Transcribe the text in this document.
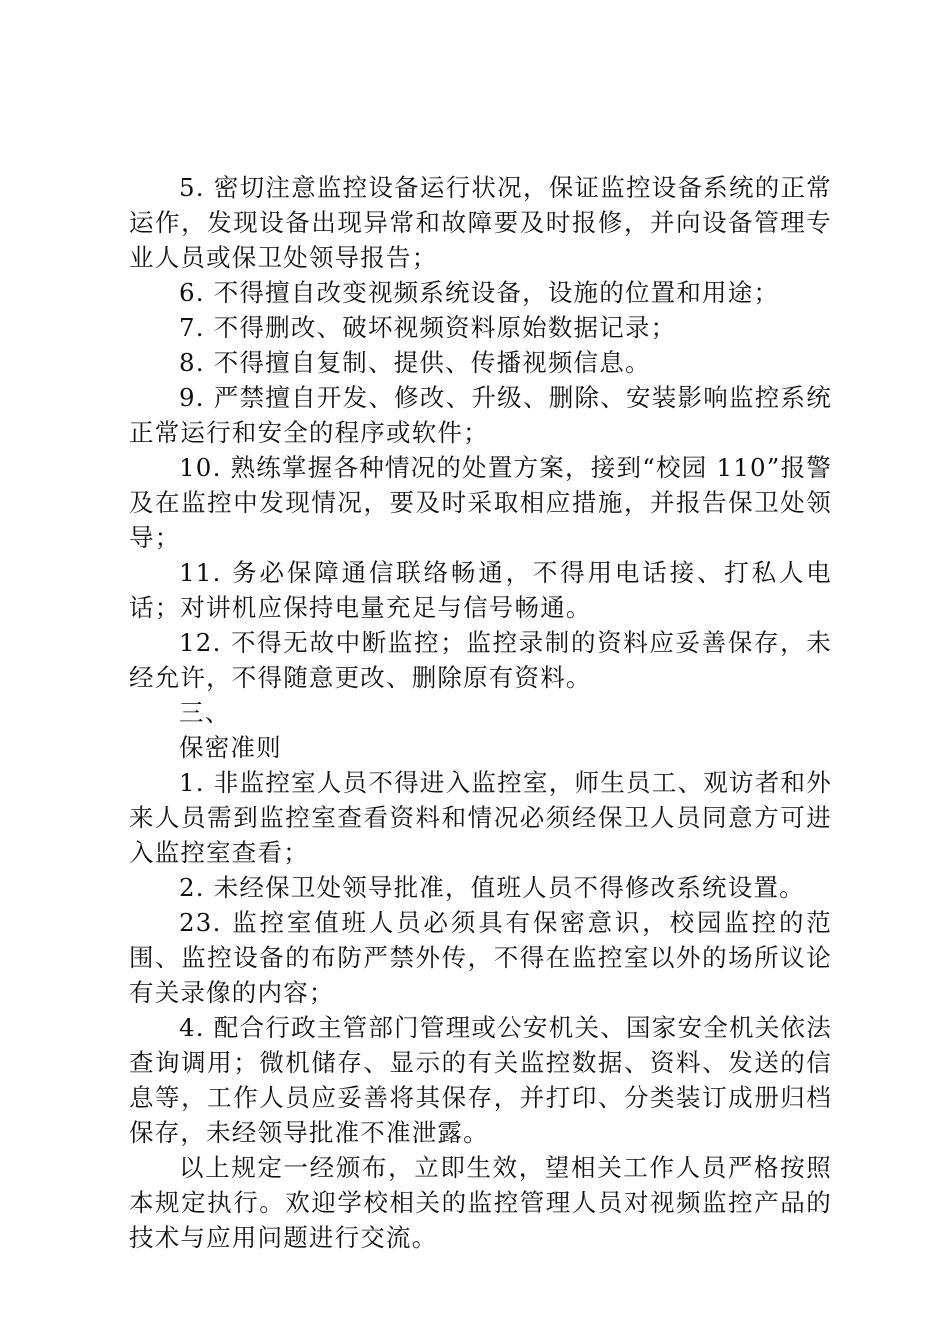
5. 密切注意监控设备运行状况，保证监控设备系统的正常运作，发现设备出现异常和故障要及时报修，并向设备管理专业人员或保卫处领导报告；

6. 不得擅自改变视频系统设备，设施的位置和用途；

7. 不得删改、破坏视频资料原始数据记录；

8. 不得擅自复制、提供、传播视频信息。

9. 严禁擅自开发、修改、升级、删除、安装影响监控系统正常运行和安全的程序或软件；

10. 熟练掌握各种情况的处置方案，接到“校园 110”报警及在监控中发现情况，要及时采取相应措施，并报告保卫处领导；

11. 务必保障通信联络畅通，不得用电话接、打私人电话；对讲机应保持电量充足与信号畅通。

12. 不得无故中断监控；监控录制的资料应妥善保存，未经允许，不得随意更改、删除原有资料。

三、

保密准则

1. 非监控室人员不得进入监控室，师生员工、观访者和外来人员需到监控室查看资料和情况必须经保卫人员同意方可进入监控室查看；

2. 未经保卫处领导批准，值班人员不得修改系统设置。

23. 监控室值班人员必须具有保密意识，校园监控的范围、监控设备的布防严禁外传，不得在监控室以外的场所议论有关录像的内容；

4. 配合行政主管部门管理或公安机关、国家安全机关依法查询调用；微机储存、显示的有关监控数据、资料、发送的信息等，工作人员应妥善将其保存，并打印、分类装订成册归档保存，未经领导批准不准泄露。

以上规定一经颁布，立即生效，望相关工作人员严格按照本规定执行。欢迎学校相关的监控管理人员对视频监控产品的技术与应用问题进行交流。
